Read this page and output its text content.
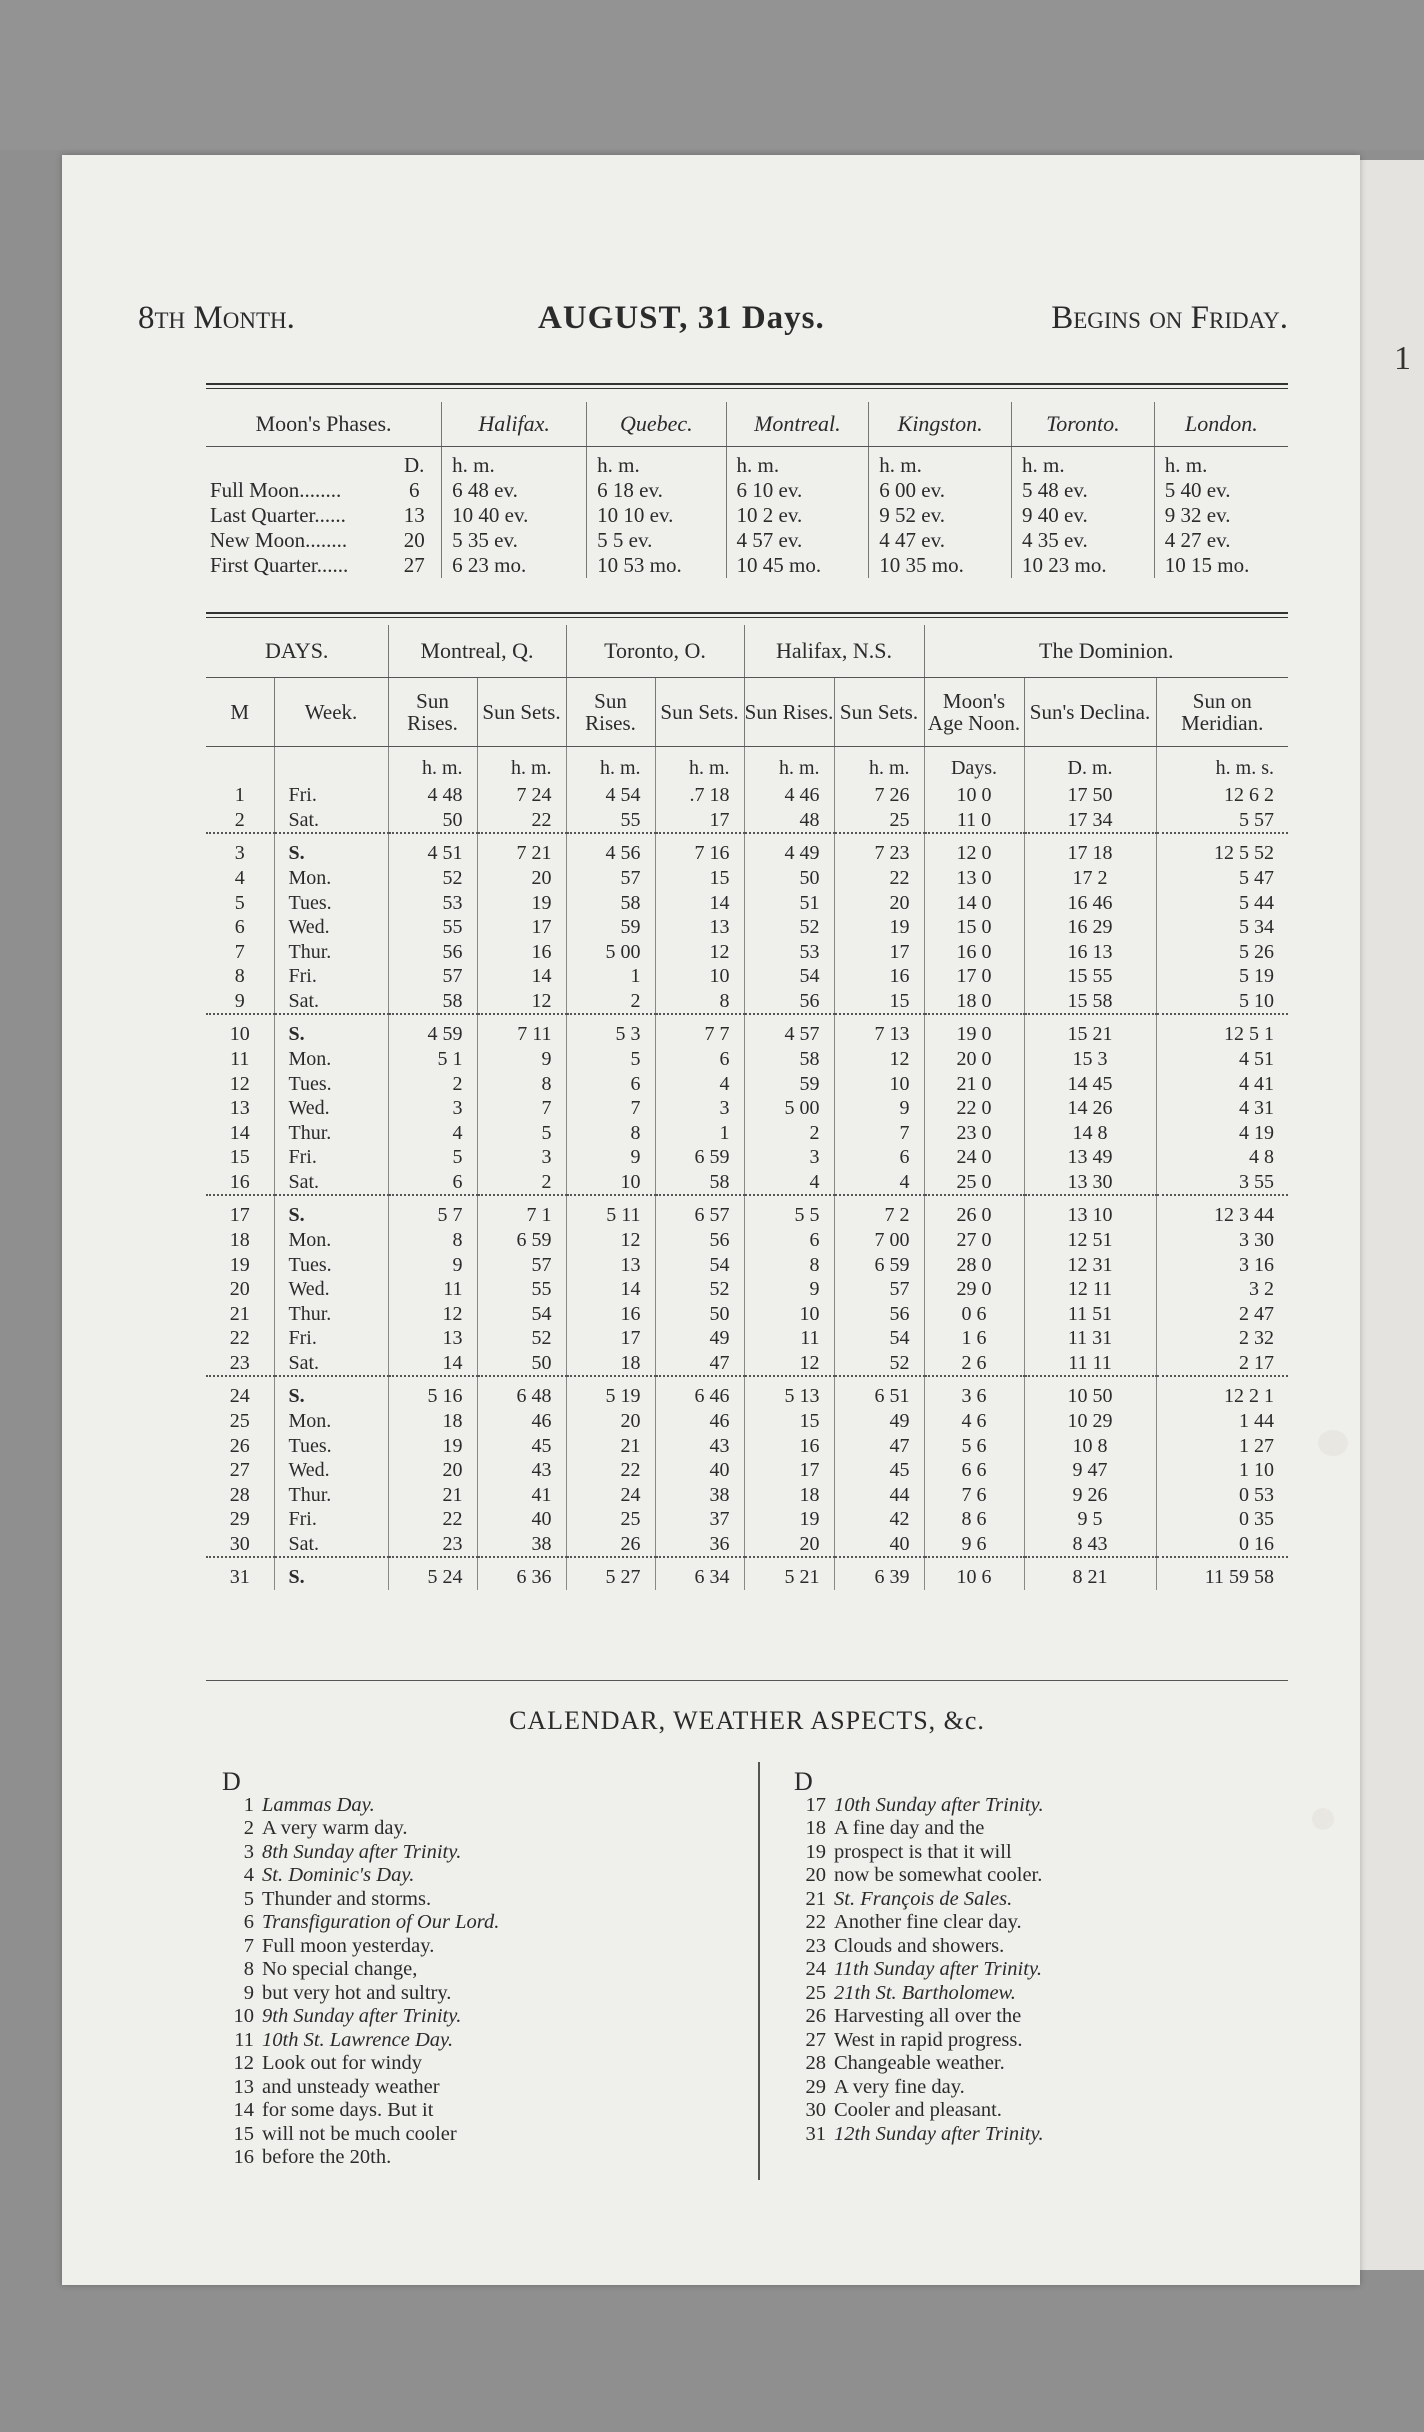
1
8th Month.	AUGUST, 31 Days.	Begins on Friday.
Moon's Phases.		Halifax.	Quebec.	Montreal.	Kingston.	Toronto.	London.
	D.	h. m.	h. m.	h. m.	h. m.	h. m.	h. m.
Full Moon........	6	6 48 ev.	6 18 ev.	6 10 ev.	6 00 ev.	5 48 ev.	5 40 ev.
Last Quarter......	13	10 40 ev.	10 10 ev.	10 2 ev.	9 52 ev.	9 40 ev.	9 32 ev.
New Moon........	20	5 35 ev.	5 5 ev.	4 57 ev.	4 47 ev.	4 35 ev.	4 27 ev.
First Quarter......	27	6 23 mo.	10 53 mo.	10 45 mo.	10 35 mo.	10 23 mo.	10 15 mo.
DAYS.		Montreal, Q.		Toronto, O.		Halifax, N.S.		The Dominion.		
M	Week.	Sun Rises.	Sun Sets.	Sun Rises.	Sun Sets.	Sun Rises.	Sun Sets.	Moon's Age Noon.	Sun's Declina.	Sun on Meridian.
		h. m.	h. m.	h. m.	h. m.	h. m.	h. m.	Days.	D. m.	h. m. s.
1	Fri.	4 48	7 24	4 54	.7 18	4 46	7 26	10 0	17 50	12 6 2
2	Sat.	50	22	55	17	48	25	11 0	17 34	5 57
3	S.	4 51	7 21	4 56	7 16	4 49	7 23	12 0	17 18	12 5 52
4	Mon.	52	20	57	15	50	22	13 0	17 2	5 47
5	Tues.	53	19	58	14	51	20	14 0	16 46	5 44
6	Wed.	55	17	59	13	52	19	15 0	16 29	5 34
7	Thur.	56	16	5 00	12	53	17	16 0	16 13	5 26
8	Fri.	57	14	1	10	54	16	17 0	15 55	5 19
9	Sat.	58	12	2	8	56	15	18 0	15 58	5 10
10	S.	4 59	7 11	5 3	7 7	4 57	7 13	19 0	15 21	12 5 1
11	Mon.	5 1	9	5	6	58	12	20 0	15 3	4 51
12	Tues.	2	8	6	4	59	10	21 0	14 45	4 41
13	Wed.	3	7	7	3	5 00	9	22 0	14 26	4 31
14	Thur.	4	5	8	1	2	7	23 0	14 8	4 19
15	Fri.	5	3	9	6 59	3	6	24 0	13 49	4 8
16	Sat.	6	2	10	58	4	4	25 0	13 30	3 55
17	S.	5 7	7 1	5 11	6 57	5 5	7 2	26 0	13 10	12 3 44
18	Mon.	8	6 59	12	56	6	7 00	27 0	12 51	3 30
19	Tues.	9	57	13	54	8	6 59	28 0	12 31	3 16
20	Wed.	11	55	14	52	9	57	29 0	12 11	3 2
21	Thur.	12	54	16	50	10	56	0 6	11 51	2 47
22	Fri.	13	52	17	49	11	54	1 6	11 31	2 32
23	Sat.	14	50	18	47	12	52	2 6	11 11	2 17
24	S.	5 16	6 48	5 19	6 46	5 13	6 51	3 6	10 50	12 2 1
25	Mon.	18	46	20	46	15	49	4 6	10 29	1 44
26	Tues.	19	45	21	43	16	47	5 6	10 8	1 27
27	Wed.	20	43	22	40	17	45	6 6	9 47	1 10
28	Thur.	21	41	24	38	18	44	7 6	9 26	0 53
29	Fri.	22	40	25	37	19	42	8 6	9 5	0 35
30	Sat.	23	38	26	36	20	40	9 6	8 43	0 16
31	S.	5 24	6 36	5 27	6 34	5 21	6 39	10 6	8 21	11 59 58
CALENDAR, WEATHER ASPECTS, &c.
D
1 Lammas Day.
2 A very warm day.
3 8th Sunday after Trinity.
4 St. Dominic's Day.
5 Thunder and storms.
6 Transfiguration of Our Lord.
7 Full moon yesterday.
8 No special change,
9 but very hot and sultry.
10 9th Sunday after Trinity.
11 10th St. Lawrence Day.
12 Look out for windy
13 and unsteady weather
14 for some days. But it
15 will not be much cooler
16 before the 20th.
D
17 10th Sunday after Trinity.
18 A fine day and the
19 prospect is that it will
20 now be somewhat cooler.
21 St. François de Sales.
22 Another fine clear day.
23 Clouds and showers.
24 11th Sunday after Trinity.
25 21th St. Bartholomew.
26 Harvesting all over the
27 West in rapid progress.
28 Changeable weather.
29 A very fine day.
30 Cooler and pleasant.
31 12th Sunday after Trinity.
